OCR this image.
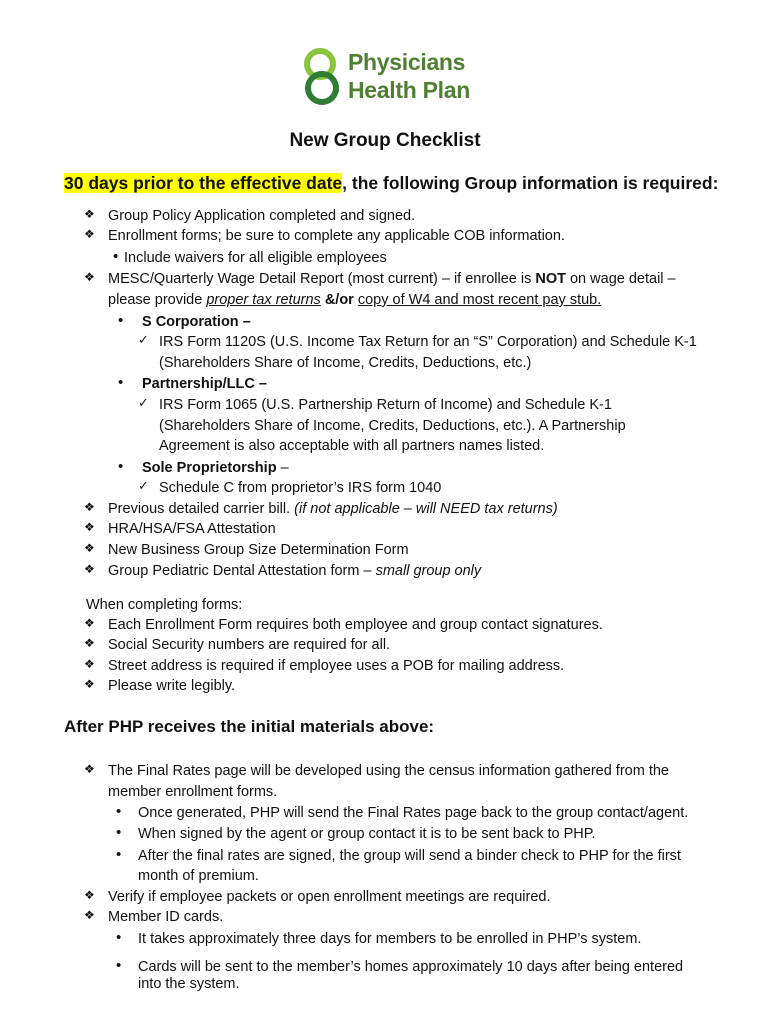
Physicians
Health Plan
New Group Checklist
30 days prior to the effective date, the following Group information is required:
❖ Group Policy Application completed and signed.
❖ Enrollment forms; be sure to complete any applicable COB information.
• Include waivers for all eligible employees
❖ MESC/Quarterly Wage Detail Report (most current) – if enrollee is NOT on wage detail –
please provide proper tax returns &/or copy of W4 and most recent pay stub.
• S Corporation –
✓ IRS Form 1120S (U.S. Income Tax Return for an “S” Corporation) and Schedule K-1
(Shareholders Share of Income, Credits, Deductions, etc.)
• Partnership/LLC –
✓ IRS Form 1065 (U.S. Partnership Return of Income) and Schedule K-1
(Shareholders Share of Income, Credits, Deductions, etc.). A Partnership
Agreement is also acceptable with all partners names listed.
• Sole Proprietorship –
✓ Schedule C from proprietor’s IRS form 1040
❖ Previous detailed carrier bill. (if not applicable – will NEED tax returns)
❖ HRA/HSA/FSA Attestation
❖ New Business Group Size Determination Form
❖ Group Pediatric Dental Attestation form – small group only
When completing forms:
❖ Each Enrollment Form requires both employee and group contact signatures.
❖ Social Security numbers are required for all.
❖ Street address is required if employee uses a POB for mailing address.
❖ Please write legibly.
After PHP receives the initial materials above:
❖ The Final Rates page will be developed using the census information gathered from the
member enrollment forms.
• Once generated, PHP will send the Final Rates page back to the group contact/agent.
• When signed by the agent or group contact it is to be sent back to PHP.
• After the final rates are signed, the group will send a binder check to PHP for the first
month of premium.
❖ Verify if employee packets or open enrollment meetings are required.
❖ Member ID cards.
• It takes approximately three days for members to be enrolled in PHP’s system.
• Cards will be sent to the member’s homes approximately 10 days after being entered
into the system.
